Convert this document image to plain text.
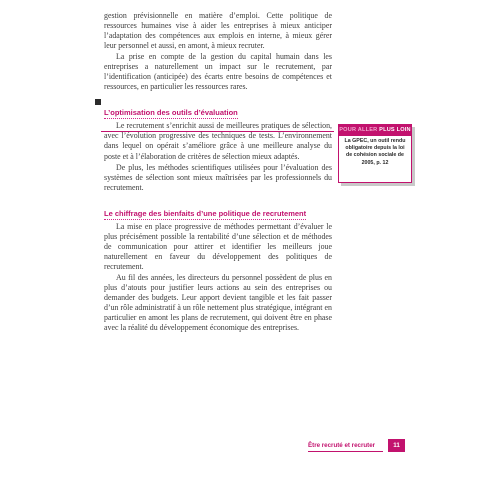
gestion prévisionnelle en matière d’emploi. Cette politique de ressources humaines vise à aider les entreprises à mieux anticiper l’adaptation des compétences aux emplois en interne, à mieux gérer leur personnel et aussi, en amont, à mieux recruter.

La prise en compte de la gestion du capital humain dans les entreprises a naturellement un impact sur le recrutement, par l’identification (anticipée) des écarts entre besoins de compétences et ressources, en particulier les ressources rares.

L’optimisation des outils d’évaluation

Le recrutement s’enrichit aussi de meilleures pratiques de sélection, avec l’évolution progressive des techniques de tests. L’environnement dans lequel on opérait s’améliore grâce à une meilleure analyse du poste et à l’élaboration de critères de sélection mieux adaptés.

De plus, les méthodes scientifiques utilisées pour l’évaluation des systèmes de sélection sont mieux maîtrisées par les professionnels du recrutement.

Le chiffrage des bienfaits d’une politique de recrutement

La mise en place progressive de méthodes permettant d’évaluer le plus précisément possible la rentabilité d’une sélection et de méthodes de communication pour attirer et identifier les meilleurs joue naturellement en faveur du développement des politiques de recrutement.

Au fil des années, les directeurs du personnel possèdent de plus en plus d’atouts pour justifier leurs actions au sein des entreprises ou demander des budgets. Leur apport devient tangible et les fait passer d’un rôle administratif à un rôle nettement plus stratégique, intégrant en particulier en amont les plans de recrutement, qui doivent être en phase avec la réalité du développement économique des entreprises.

POUR ALLER PLUS LOIN
La GPEC, un outil rendu obligatoire depuis la loi de cohésion sociale de 2005, p. 12
Être recruté et recruter	11
